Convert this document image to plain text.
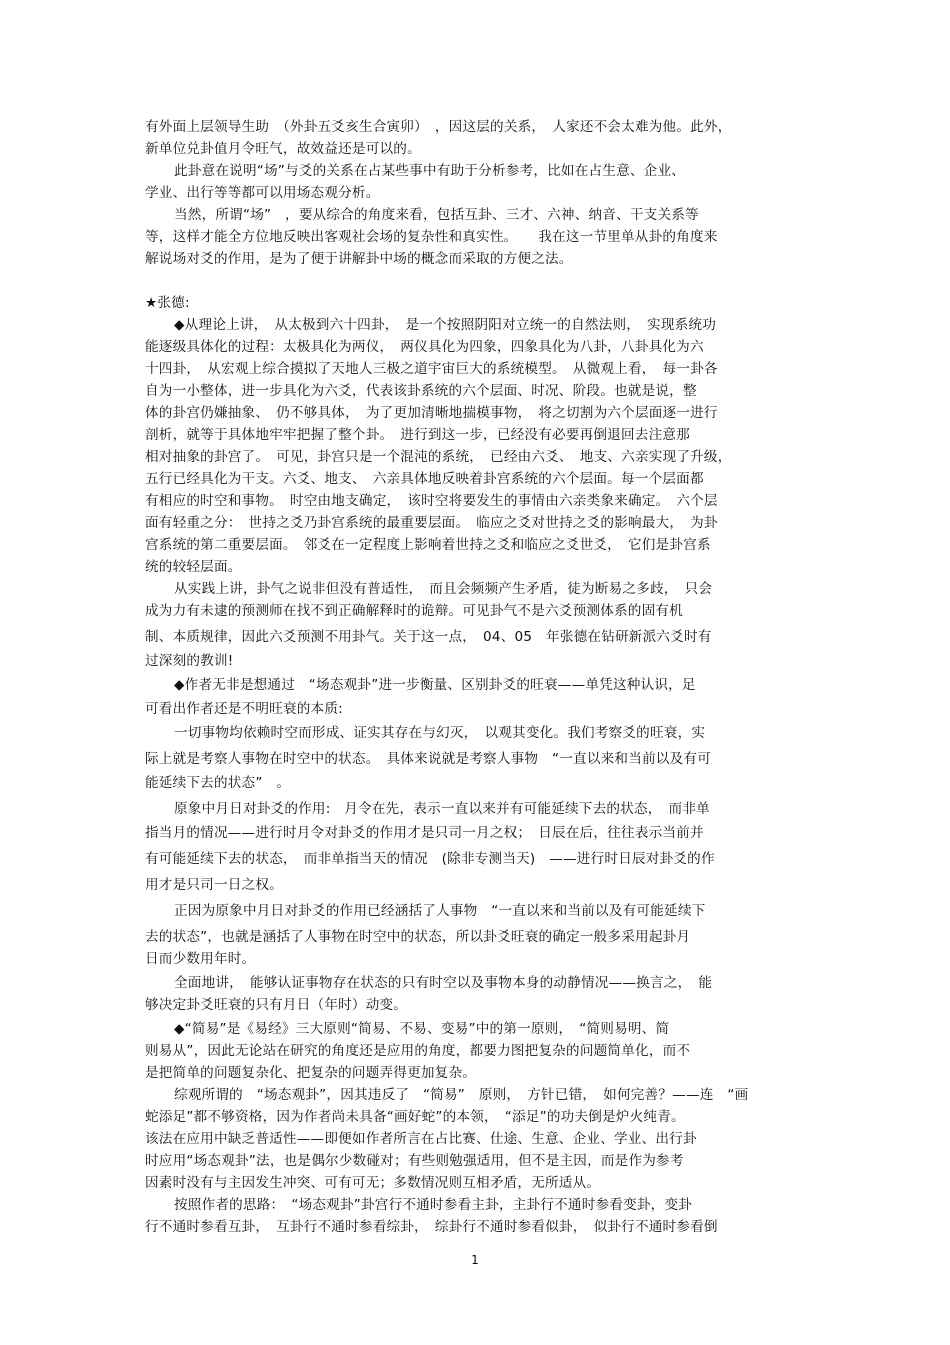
有外面上层领导生助　（外卦五爻亥生合寅卯）　，因这层的关系，　人家还不会太难为他。此外，
新单位兑卦值月令旺气，故效益还是可以的。
此卦意在说明“场”与爻的关系在占某些事中有助于分析参考，比如在占生意、企业、
学业、出行等等都可以用场态观分析。
当然，所谓“场”　，要从综合的角度来看，包括互卦、三才、六神、纳音、干支关系等
等，这样才能全方位地反映出客观社会场的复杂性和真实性。　　我在这一节里单从卦的角度来
解说场对爻的作用，是为了便于讲解卦中场的概念而采取的方便之法。
★张德:
◆从理论上讲，　从太极到六十四卦，　是一个按照阴阳对立统一的自然法则，　实现系统功
能逐级具体化的过程：太极具化为两仪，　两仪具化为四象，四象具化为八卦，八卦具化为六
十四卦，　从宏观上综合摸拟了天地人三极之道宇宙巨大的系统模型。　从微观上看，　每一卦各
自为一小整体，进一步具化为六爻，代表该卦系统的六个层面、时况、阶段。也就是说，整
体的卦宫仍嫌抽象、　仍不够具体，　为了更加清晰地揣模事物，　将之切割为六个层面逐一进行
剖析，就等于具体地牢牢把握了整个卦。　进行到这一步，已经没有必要再倒退回去注意那
相对抽象的卦宫了。　可见，卦宫只是一个混沌的系统，　已经由六爻、　地支、六亲实现了升级，
五行已经具化为干支。六爻、地支、　六亲具体地反映着卦宫系统的六个层面。每一个层面都
有相应的时空和事物。　时空由地支确定，　该时空将要发生的事情由六亲类象来确定。　六个层
面有轻重之分：　世持之爻乃卦宫系统的最重要层面。　临应之爻对世持之爻的影响最大，　为卦
宫系统的第二重要层面。　邻爻在一定程度上影响着世持之爻和临应之爻世爻，　它们是卦宫系
统的较轻层面。
从实践上讲，卦气之说非但没有普适性，　而且会频频产生矛盾，徒为断易之多歧，　只会
成为力有未逮的预测师在找不到正确解释时的诡辩。可见卦气不是六爻预测体系的固有机
制、本质规律，因此六爻预测不用卦气。关于这一点，　04、05　年张德在钻研新派六爻时有
过深刻的教训!
◆作者无非是想通过　“场态观卦”进一步衡量、区别卦爻的旺衰——单凭这种认识，足
可看出作者还是不明旺衰的本质:
一切事物均依赖时空而形成、证实其存在与幻灭，　以观其变化。我们考察爻的旺衰，实
际上就是考察人事物在时空中的状态。　具体来说就是考察人事物　“一直以来和当前以及有可
能延续下去的状态”　。
原象中月日对卦爻的作用:　月令在先，表示一直以来并有可能延续下去的状态，　而非单
指当月的情况——进行时月令对卦爻的作用才是只司一月之权；　日辰在后，往往表示当前并
有可能延续下去的状态，　而非单指当天的情况　(除非专测当天)　——进行时日辰对卦爻的作
用才是只司一日之权。
正因为原象中月日对卦爻的作用已经涵括了人事物　“一直以来和当前以及有可能延续下
去的状态”，也就是涵括了人事物在时空中的状态，所以卦爻旺衰的确定一般多采用起卦月
日而少数用年时。
全面地讲，　能够认证事物存在状态的只有时空以及事物本身的动静情况——换言之，　能
够决定卦爻旺衰的只有月日（年时）动变。
◆“简易”是《易经》三大原则“简易、不易、变易”中的第一原则，　“简则易明、简
则易从”，因此无论站在研究的角度还是应用的角度，都要力图把复杂的问题简单化，而不
是把简单的问题复杂化、把复杂的问题弄得更加复杂。
综观所谓的　“场态观卦”，因其违反了　“简易”　原则，　方针已错，　如何完善？——连　“画
蛇添足”都不够资格，因为作者尚未具备“画好蛇”的本领，　“添足”的功夫倒是炉火纯青。
该法在应用中缺乏普适性——即便如作者所言在占比赛、仕途、生意、企业、学业、出行卦
时应用“场态观卦”法，也是偶尔少数碰对；有些则勉强适用，但不是主因，而是作为参考
因素时没有与主因发生冲突、可有可无；多数情况则互相矛盾，无所适从。
按照作者的思路：　“场态观卦”卦宫行不通时参看主卦，主卦行不通时参看变卦，变卦
行不通时参看互卦，　互卦行不通时参看综卦，　综卦行不通时参看似卦，　似卦行不通时参看倒
1
